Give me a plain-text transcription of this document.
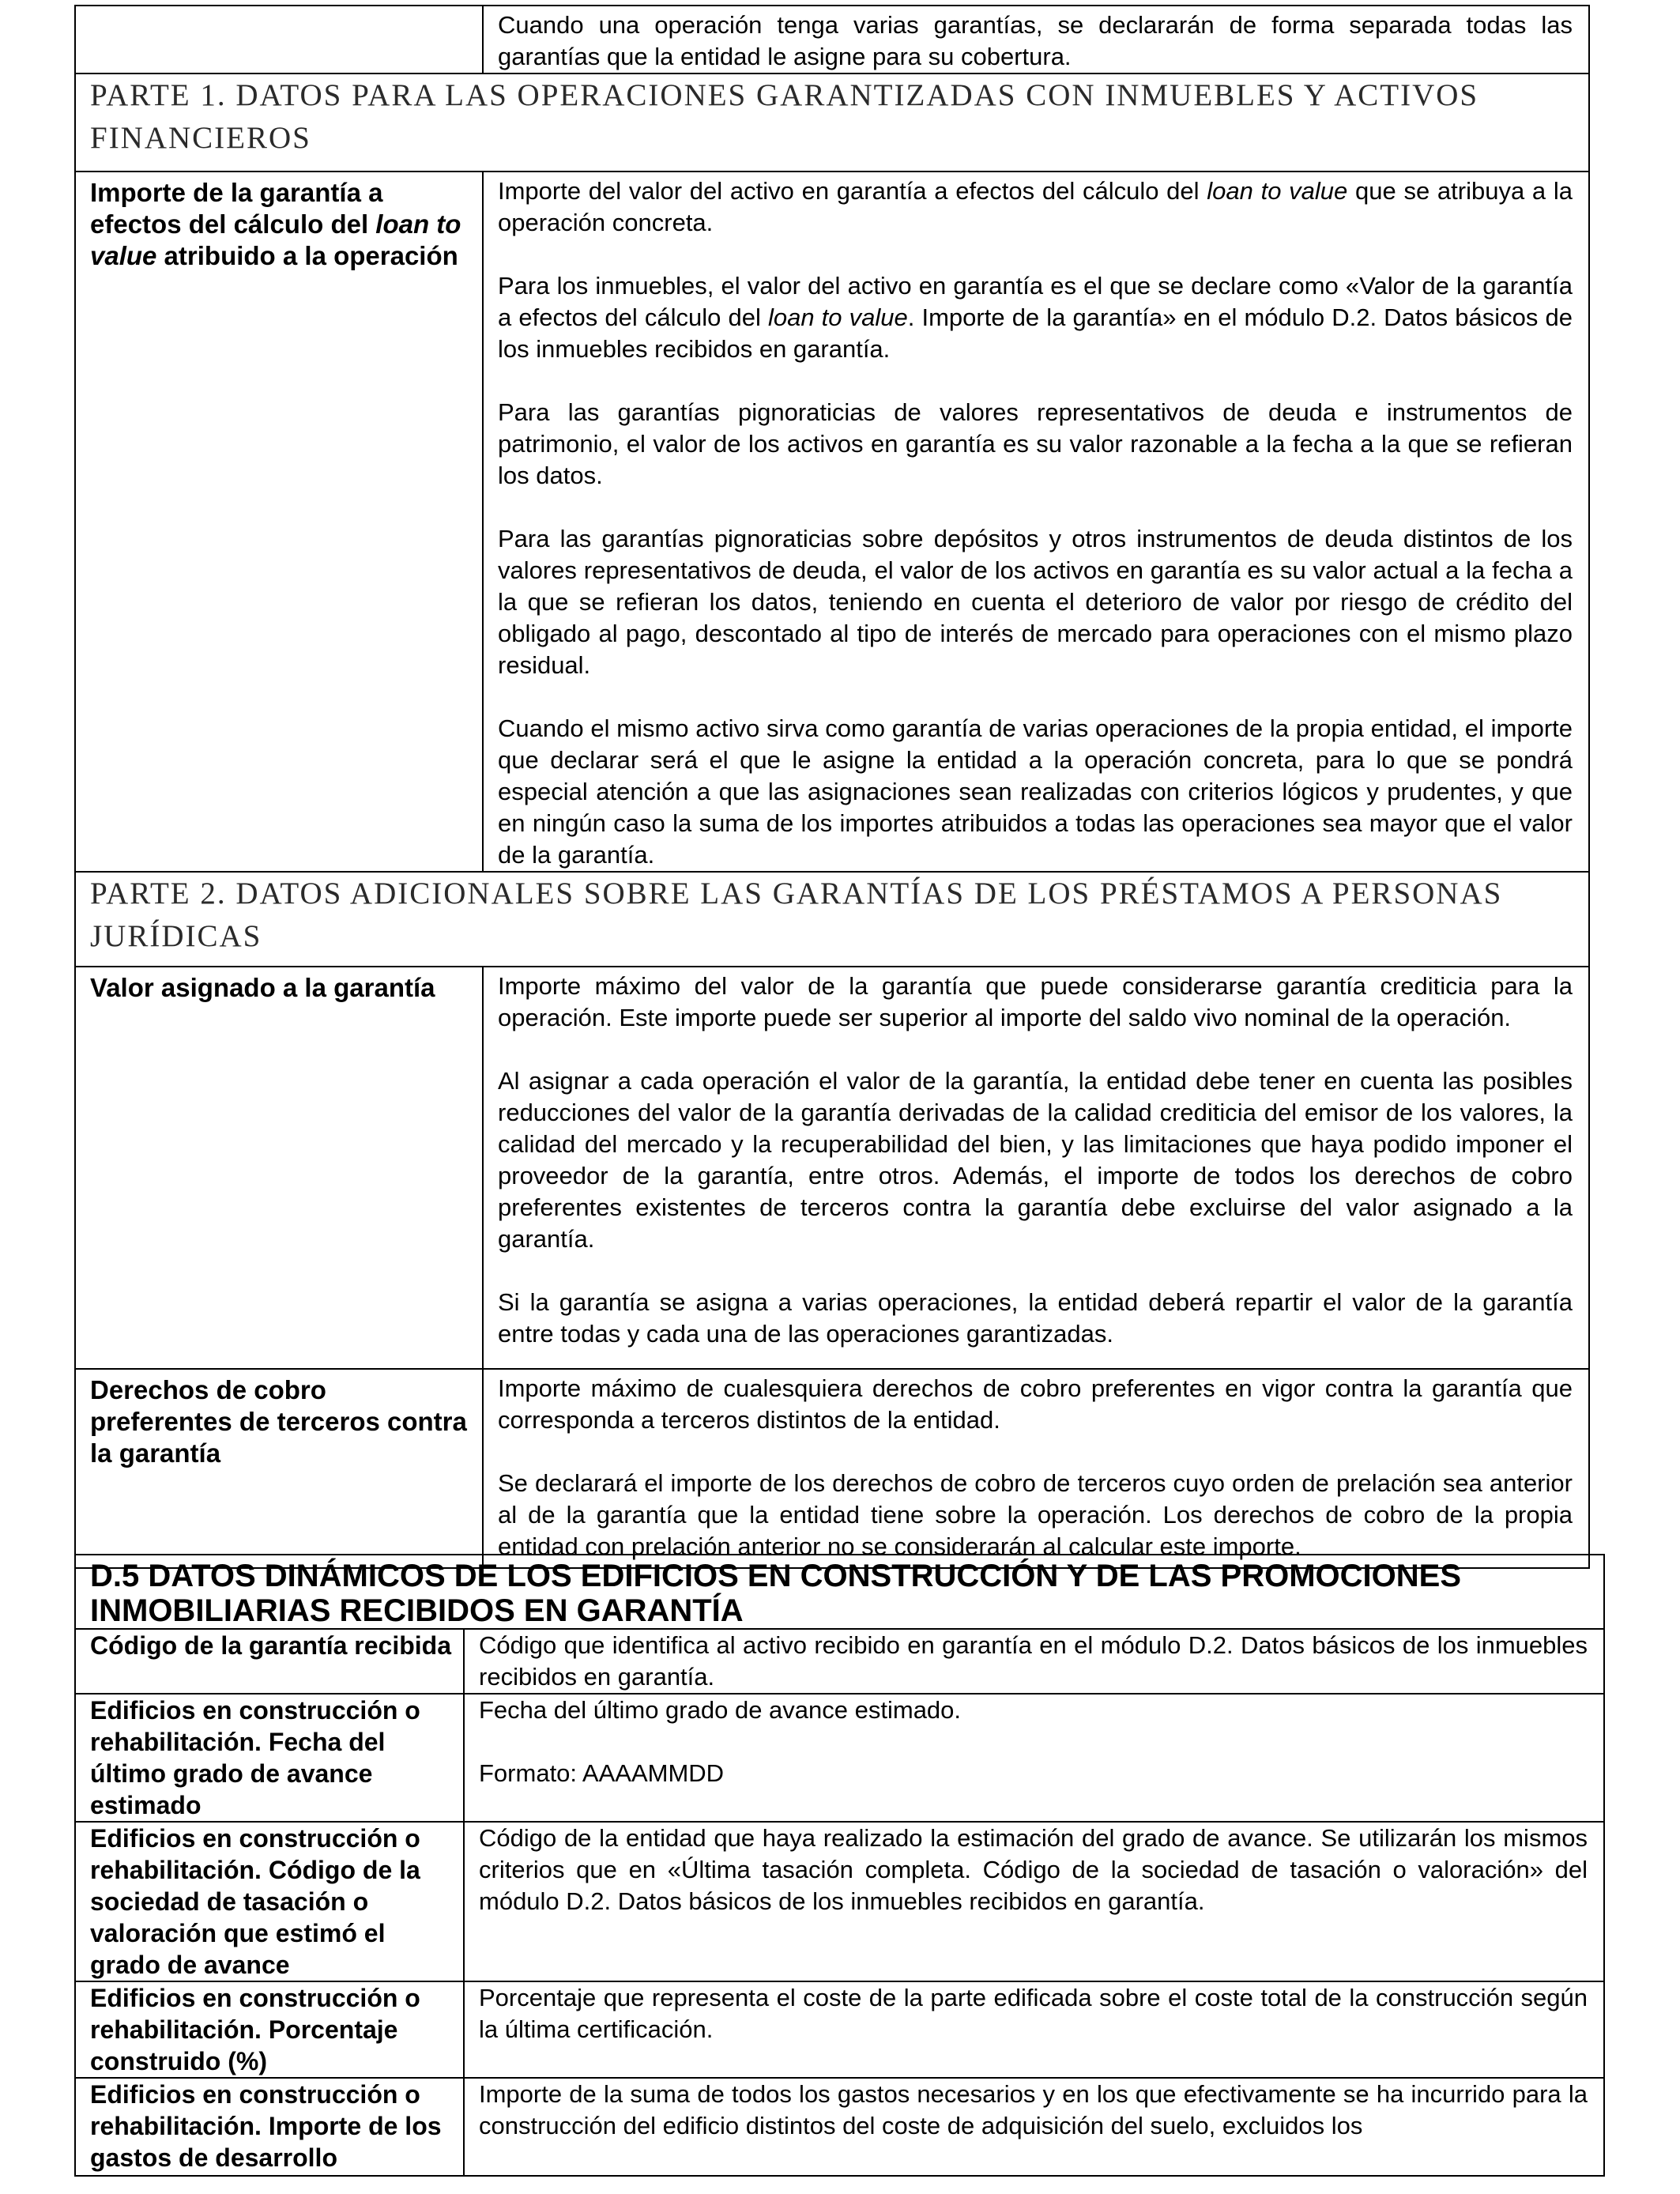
	Cuando una operación tenga varias garantías, se declararán de forma separada todas las garantías que la entidad le asigne para su cobertura.
PARTE 1. DATOS PARA LAS OPERACIONES GARANTIZADAS CON INMUEBLES Y ACTIVOS FINANCIEROS	
Importe de la garantía a efectos del cálculo del loan to value atribuido a la operación	Importe del valor del activo en garantía a efectos del cálculo del loan to value que se atribuya a la operación concreta.

Para los inmuebles, el valor del activo en garantía es el que se declare como «Valor de la garantía a efectos del cálculo del loan to value. Importe de la garantía» en el módulo D.2. Datos básicos de los inmuebles recibidos en garantía.

Para las garantías pignoraticias de valores representativos de deuda e instrumentos de patrimonio, el valor de los activos en garantía es su valor razonable a la fecha a la que se refieran los datos.

Para las garantías pignoraticias sobre depósitos y otros instrumentos de deuda distintos de los valores representativos de deuda, el valor de los activos en garantía es su valor actual a la fecha a la que se refieran los datos, teniendo en cuenta el deterioro de valor por riesgo de crédito del obligado al pago, descontado al tipo de interés de mercado para operaciones con el mismo plazo residual.

Cuando el mismo activo sirva como garantía de varias operaciones de la propia entidad, el importe que declarar será el que le asigne la entidad a la operación concreta, para lo que se pondrá especial atención a que las asignaciones sean realizadas con criterios lógicos y prudentes, y que en ningún caso la suma de los importes atribuidos a todas las operaciones sea mayor que el valor de la garantía.

PARTE 2. DATOS ADICIONALES SOBRE LAS GARANTÍAS DE LOS PRÉSTAMOS A PERSONAS JURÍDICAS	
Valor asignado a la garantía	Importe máximo del valor de la garantía que puede considerarse garantía crediticia para la operación. Este importe puede ser superior al importe del saldo vivo nominal de la operación.

Al asignar a cada operación el valor de la garantía, la entidad debe tener en cuenta las posibles reducciones del valor de la garantía derivadas de la calidad crediticia del emisor de los valores, la calidad del mercado y la recuperabilidad del bien, y las limitaciones que haya podido imponer el proveedor de la garantía, entre otros. Además, el importe de todos los derechos de cobro preferentes existentes de terceros contra la garantía debe excluirse del valor asignado a la garantía.

Si la garantía se asigna a varias operaciones, la entidad deberá repartir el valor de la garantía entre todas y cada una de las operaciones garantizadas.

Derechos de cobro preferentes de terceros contra la garantía	Importe máximo de cualesquiera derechos de cobro preferentes en vigor contra la garantía que corresponda a terceros distintos de la entidad.

Se declarará el importe de los derechos de cobro de terceros cuyo orden de prelación sea anterior al de la garantía que la entidad tiene sobre la operación. Los derechos de cobro de la propia entidad con prelación anterior no se considerarán al calcular este importe.

D.5 DATOS DINÁMICOS DE LOS EDIFICIOS EN CONSTRUCCIÓN Y DE LAS PROMOCIONES INMOBILIARIAS RECIBIDOS EN GARANTÍA	
Código de la garantía recibida	Código que identifica al activo recibido en garantía en el módulo D.2. Datos básicos de los inmuebles recibidos en garantía.

Edificios en construcción o rehabilitación. Fecha del último grado de avance estimado	Fecha del último grado de avance estimado.

Formato: AAAAMMDD

Edificios en construcción o rehabilitación. Código de la sociedad de tasación o valoración que estimó el grado de avance	Código de la entidad que haya realizado la estimación del grado de avance. Se utilizarán los mismos criterios que en «Última tasación completa. Código de la sociedad de tasación o valoración» del módulo D.2. Datos básicos de los inmuebles recibidos en garantía.

Edificios en construcción o rehabilitación. Porcentaje construido (%)	Porcentaje que representa el coste de la parte edificada sobre el coste total de la construcción según la última certificación.

Edificios en construcción o rehabilitación. Importe de los gastos de desarrollo	Importe de la suma de todos los gastos necesarios y en los que efectivamente se ha incurrido para la construcción del edificio distintos del coste de adquisición del suelo, excluidos los
